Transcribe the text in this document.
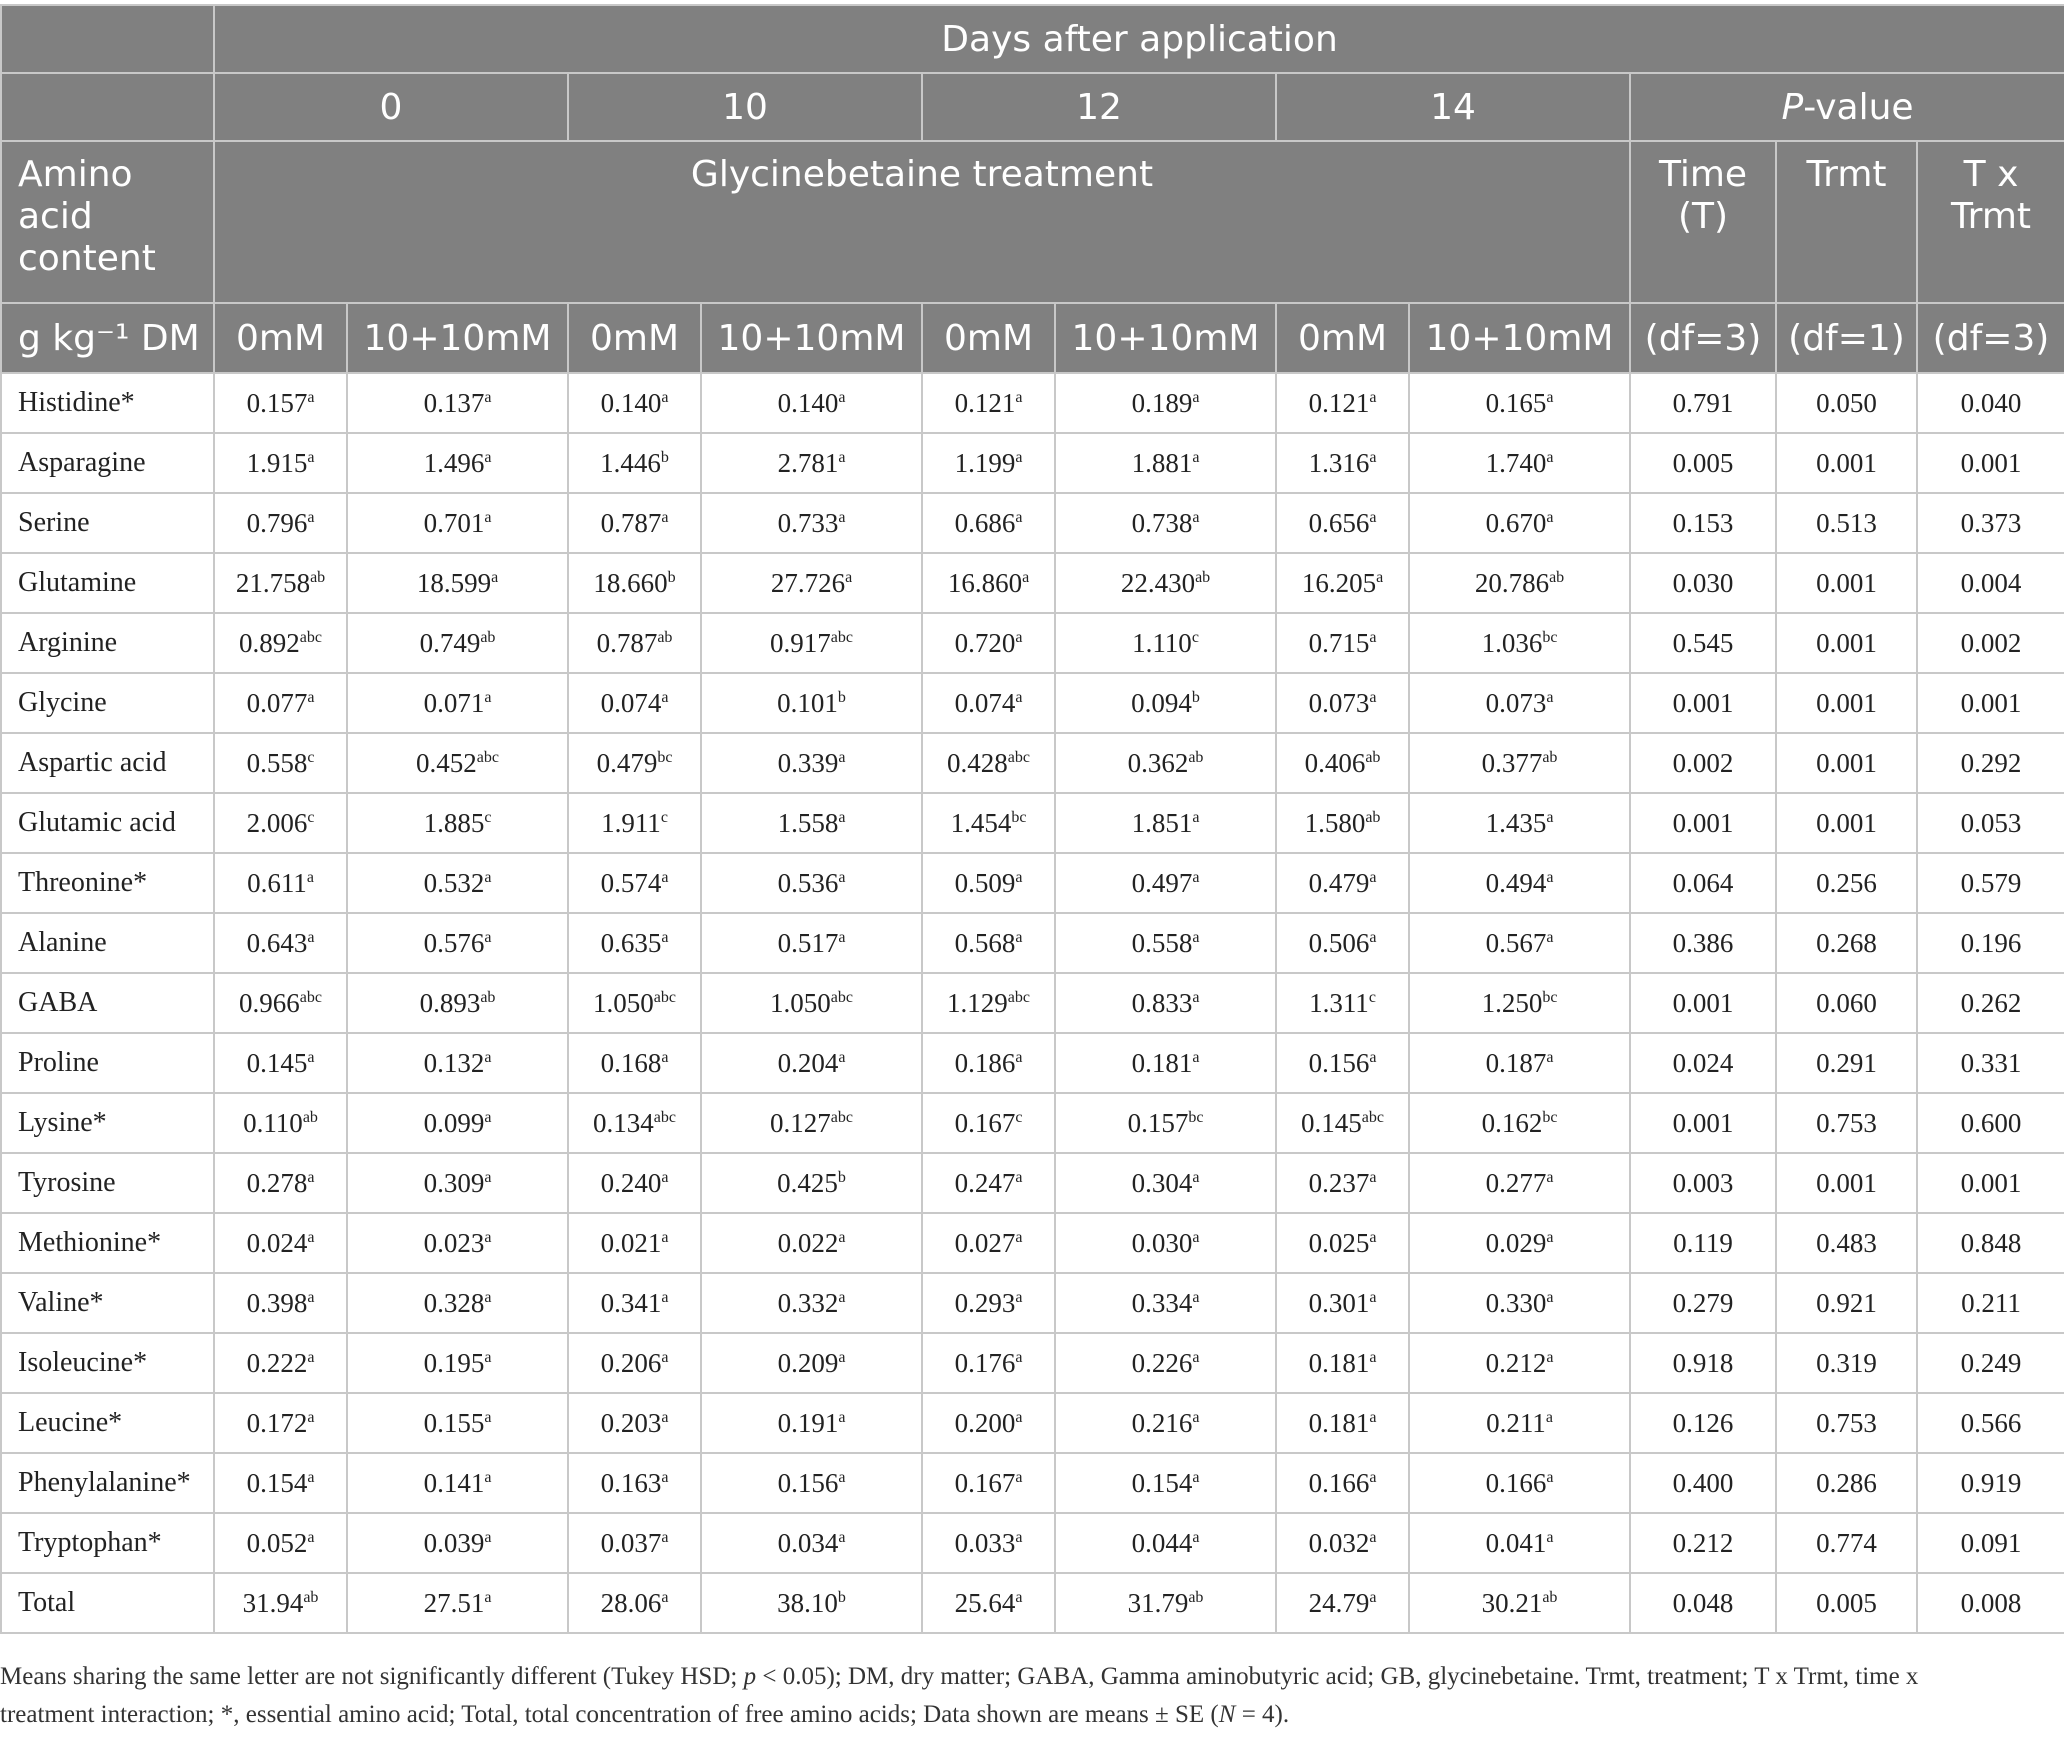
	Days after application										
	0		10		12		14		P-value		
Amino acid content	Glycinebetaine treatment								Time (T)	Trmt	T x Trmt
g kg⁻¹ DM	0mM	10+10mM	0mM	10+10mM	0mM	10+10mM	0mM	10+10mM	(df=3)	(df=1)	(df=3)
Histidine*	0.157$^a$	0.137$^a$	0.140$^a$	0.140$^a$	0.121$^a$	0.189$^a$	0.121$^a$	0.165$^a$	0.791	0.050	0.040
Asparagine	1.915$^a$	1.496$^a$	1.446$^b$	2.781$^a$	1.199$^a$	1.881$^a$	1.316$^a$	1.740$^a$	0.005	0.001	0.001
Serine	0.796$^a$	0.701$^a$	0.787$^a$	0.733$^a$	0.686$^a$	0.738$^a$	0.656$^a$	0.670$^a$	0.153	0.513	0.373
Glutamine	21.758$^{ab}$	18.599$^a$	18.660$^b$	27.726$^a$	16.860$^a$	22.430$^{ab}$	16.205$^a$	20.786$^{ab}$	0.030	0.001	0.004
Arginine	0.892$^{abc}$	0.749$^{ab}$	0.787$^{ab}$	0.917$^{abc}$	0.720$^a$	1.110$^c$	0.715$^a$	1.036$^{bc}$	0.545	0.001	0.002
Glycine	0.077$^a$	0.071$^a$	0.074$^a$	0.101$^b$	0.074$^a$	0.094$^b$	0.073$^a$	0.073$^a$	0.001	0.001	0.001
Aspartic acid	0.558$^c$	0.452$^{abc}$	0.479$^{bc}$	0.339$^a$	0.428$^{abc}$	0.362$^{ab}$	0.406$^{ab}$	0.377$^{ab}$	0.002	0.001	0.292
Glutamic acid	2.006$^c$	1.885$^c$	1.911$^c$	1.558$^a$	1.454$^{bc}$	1.851$^a$	1.580$^{ab}$	1.435$^a$	0.001	0.001	0.053
Threonine*	0.611$^a$	0.532$^a$	0.574$^a$	0.536$^a$	0.509$^a$	0.497$^a$	0.479$^a$	0.494$^a$	0.064	0.256	0.579
Alanine	0.643$^a$	0.576$^a$	0.635$^a$	0.517$^a$	0.568$^a$	0.558$^a$	0.506$^a$	0.567$^a$	0.386	0.268	0.196
GABA	0.966$^{abc}$	0.893$^{ab}$	1.050$^{abc}$	1.050$^{abc}$	1.129$^{abc}$	0.833$^a$	1.311$^c$	1.250$^{bc}$	0.001	0.060	0.262
Proline	0.145$^a$	0.132$^a$	0.168$^a$	0.204$^a$	0.186$^a$	0.181$^a$	0.156$^a$	0.187$^a$	0.024	0.291	0.331
Lysine*	0.110$^{ab}$	0.099$^a$	0.134$^{abc}$	0.127$^{abc}$	0.167$^c$	0.157$^{bc}$	0.145$^{abc}$	0.162$^{bc}$	0.001	0.753	0.600
Tyrosine	0.278$^a$	0.309$^a$	0.240$^a$	0.425$^b$	0.247$^a$	0.304$^a$	0.237$^a$	0.277$^a$	0.003	0.001	0.001
Methionine*	0.024$^a$	0.023$^a$	0.021$^a$	0.022$^a$	0.027$^a$	0.030$^a$	0.025$^a$	0.029$^a$	0.119	0.483	0.848
Valine*	0.398$^a$	0.328$^a$	0.341$^a$	0.332$^a$	0.293$^a$	0.334$^a$	0.301$^a$	0.330$^a$	0.279	0.921	0.211
Isoleucine*	0.222$^a$	0.195$^a$	0.206$^a$	0.209$^a$	0.176$^a$	0.226$^a$	0.181$^a$	0.212$^a$	0.918	0.319	0.249
Leucine*	0.172$^a$	0.155$^a$	0.203$^a$	0.191$^a$	0.200$^a$	0.216$^a$	0.181$^a$	0.211$^a$	0.126	0.753	0.566
Phenylalanine*	0.154$^a$	0.141$^a$	0.163$^a$	0.156$^a$	0.167$^a$	0.154$^a$	0.166$^a$	0.166$^a$	0.400	0.286	0.919
Tryptophan*	0.052$^a$	0.039$^a$	0.037$^a$	0.034$^a$	0.033$^a$	0.044$^a$	0.032$^a$	0.041$^a$	0.212	0.774	0.091
Total	31.94$^{ab}$	27.51$^a$	28.06$^a$	38.10$^b$	25.64$^a$	31.79$^{ab}$	24.79$^a$	30.21$^{ab}$	0.048	0.005	0.008

Means sharing the same letter are not significantly different (Tukey HSD; p < 0.05); DM, dry matter; GABA, Gamma aminobutyric acid; GB, glycinebetaine. Trmt, treatment; T x Trmt, time x

treatment interaction; *, essential amino acid; Total, total concentration of free amino acids; Data shown are means ± SE (N = 4).
